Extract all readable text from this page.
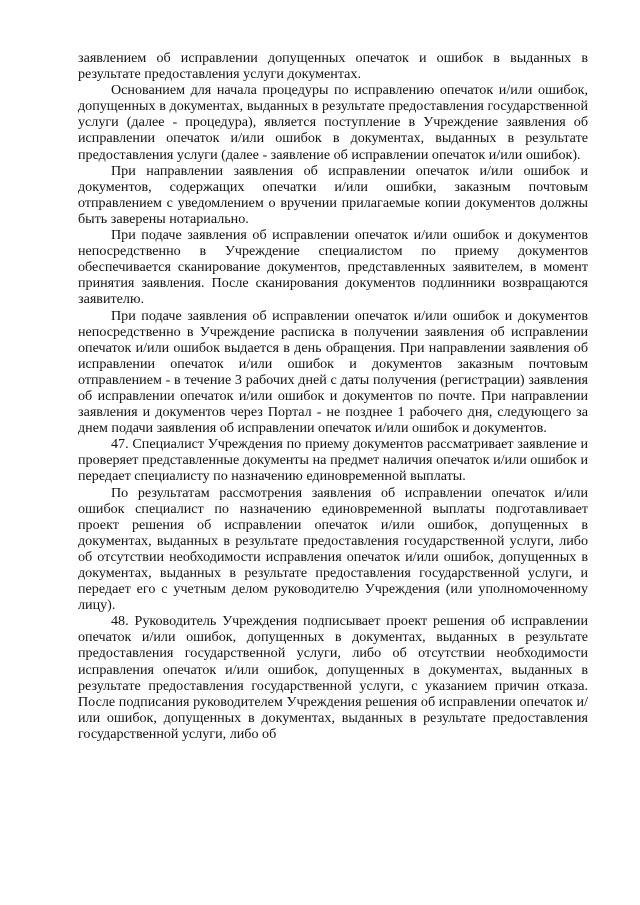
заявлением об исправлении допущенных опечаток и ошибок в выданных в результате предоставления услуги документах.

Основанием для начала процедуры по исправлению опечаток и/или ошибок, допущенных в документах, выданных в результате предоставления государственной услуги (далее - процедура), является поступление в Учреждение заявления об исправлении опечаток и/или ошибок в документах, выданных в результате предоставления услуги (далее - заявление об исправлении опечаток и/или ошибок).

При направлении заявления об исправлении опечаток и/или ошибок и документов, содержащих опечатки и/или ошибки, заказным почтовым отправлением с уведомлением о вручении прилагаемые копии документов должны быть заверены нотариально.

При подаче заявления об исправлении опечаток и/или ошибок и документов непосредственно в Учреждение специалистом по приему документов обеспечивается сканирование документов, представленных заявителем, в момент принятия заявления. После сканирования документов подлинники возвращаются заявителю.

При подаче заявления об исправлении опечаток и/или ошибок и документов непосредственно в Учреждение расписка в получении заявления об исправлении опечаток и/или ошибок выдается в день обращения. При направлении заявления об исправлении опечаток и/или ошибок и документов заказным почтовым отправлением - в течение 3 рабочих дней с даты получения (регистрации) заявления об исправлении опечаток и/или ошибок и документов по почте. При направлении заявления и документов через Портал - не позднее 1 рабочего дня, следующего за днем подачи заявления об исправлении опечаток и/или ошибок и документов.

47. Специалист Учреждения по приему документов рассматривает заявление и проверяет представленные документы на предмет наличия опечаток и/или ошибок и передает специалисту по назначению единовременной выплаты.

По результатам рассмотрения заявления об исправлении опечаток и/или ошибок специалист по назначению единовременной выплаты подготавливает проект решения об исправлении опечаток и/или ошибок, допущенных в документах, выданных в результате предоставления государственной услуги, либо об отсутствии необходимости исправления опечаток и/или ошибок, допущенных в документах, выданных в результате предоставления государственной услуги, и передает его с учетным делом руководителю Учреждения (или уполномоченному лицу).

48. Руководитель Учреждения подписывает проект решения об исправлении опечаток и/или ошибок, допущенных в документах, выданных в результате предоставления государственной услуги, либо об отсутствии необходимости исправления опечаток и/или ошибок, допущенных в документах, выданных в результате предоставления государственной услуги, с указанием причин отказа. После подписания руководителем Учреждения решения об исправлении опечаток и/или ошибок, допущенных в документах, выданных в результате предоставления государственной услуги, либо об
